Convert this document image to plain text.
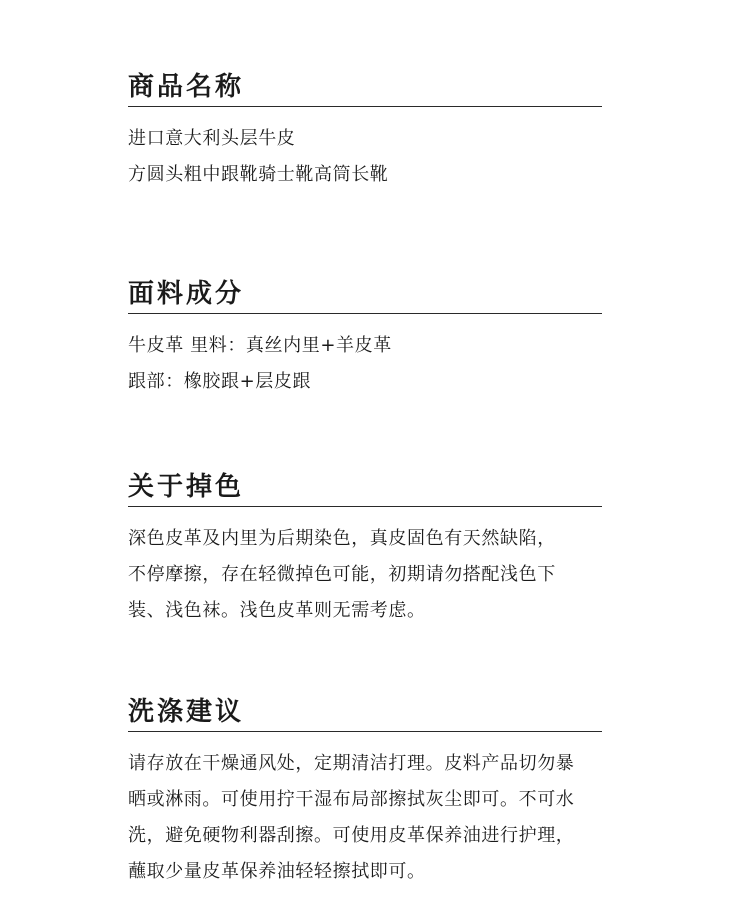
商品名称
进口意大利头层牛皮
方圆头粗中跟靴骑士靴高筒长靴
面料成分
牛皮革 里料：真丝内里+羊皮革
跟部：橡胶跟+层皮跟
关于掉色
深色皮革及内里为后期染色，真皮固色有天然缺陷，
不停摩擦，存在轻微掉色可能，初期请勿搭配浅色下
装、浅色袜。浅色皮革则无需考虑。
洗涤建议
请存放在干燥通风处，定期清洁打理。皮料产品切勿暴
晒或淋雨。可使用拧干湿布局部擦拭灰尘即可。不可水
洗，避免硬物利器刮擦。可使用皮革保养油进行护理，
蘸取少量皮革保养油轻轻擦拭即可。
